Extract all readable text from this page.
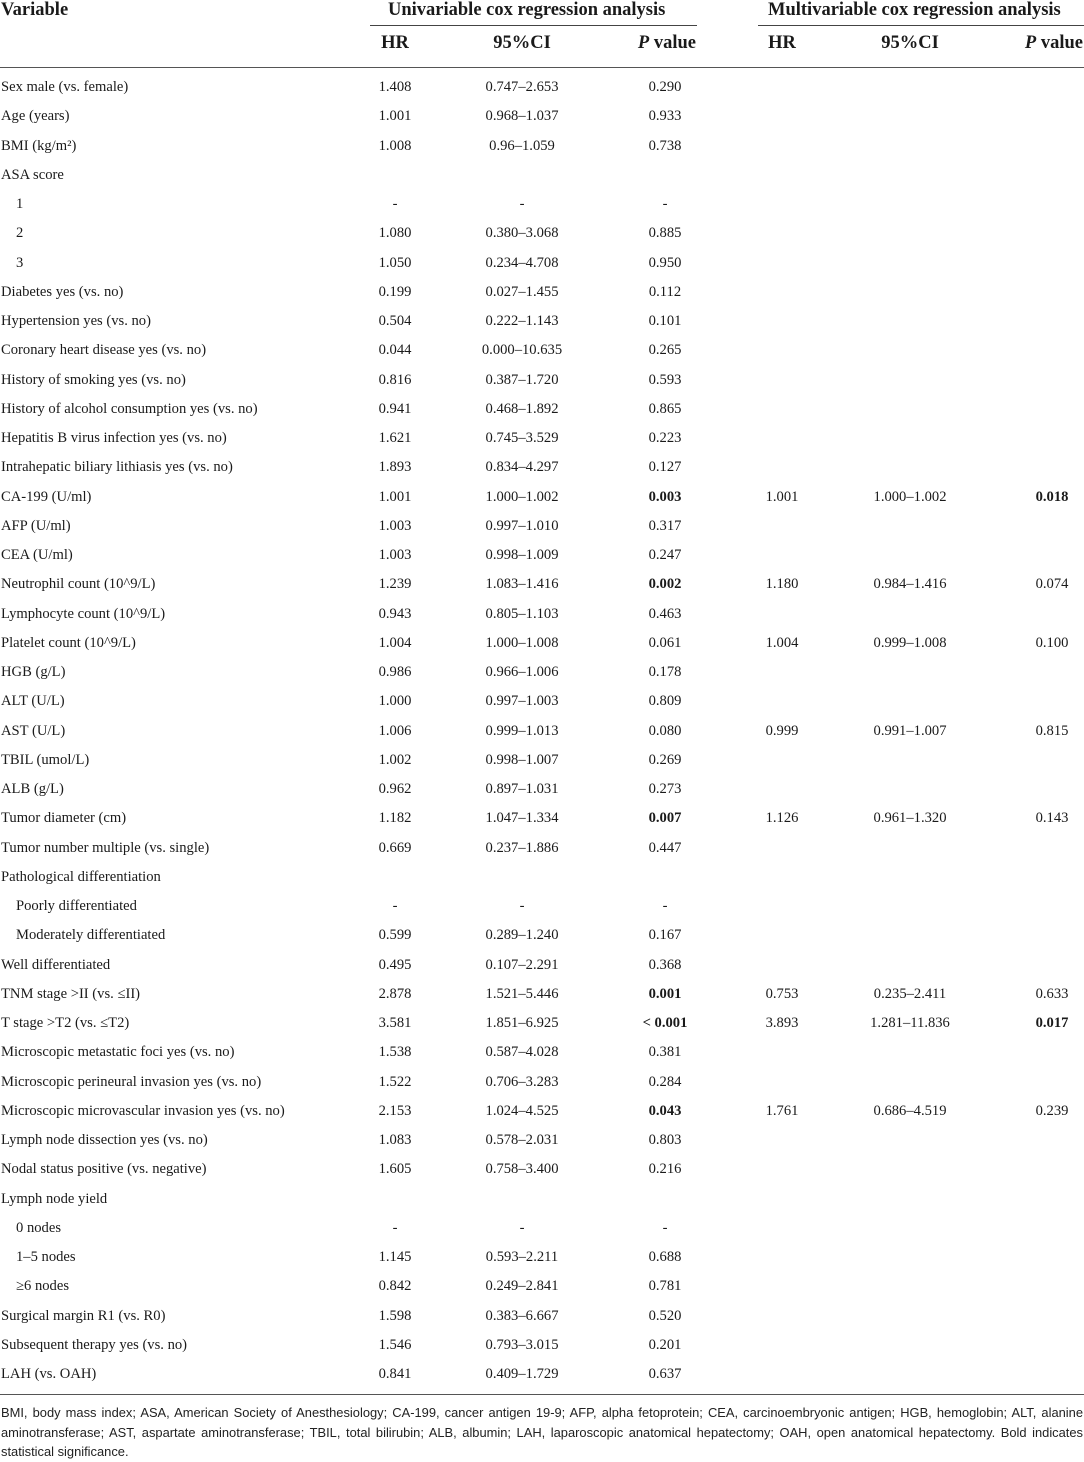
Variable	Univariable cox regression analysis	Multivariable cox regression analysis
HR	95%CI	P value	HR	95%CI	P value
Sex male (vs. female)	1.408	0.747–2.653	0.290
Age (years)	1.001	0.968–1.037	0.933
BMI (kg/m²)	1.008	0.96–1.059	0.738
ASA score
1	-	-	-
2	1.080	0.380–3.068	0.885
3	1.050	0.234–4.708	0.950
Diabetes yes (vs. no)	0.199	0.027–1.455	0.112
Hypertension yes (vs. no)	0.504	0.222–1.143	0.101
Coronary heart disease yes (vs. no)	0.044	0.000–10.635	0.265
History of smoking yes (vs. no)	0.816	0.387–1.720	0.593
History of alcohol consumption yes (vs. no)	0.941	0.468–1.892	0.865
Hepatitis B virus infection yes (vs. no)	1.621	0.745–3.529	0.223
Intrahepatic biliary lithiasis yes (vs. no)	1.893	0.834–4.297	0.127
CA-199 (U/ml)	1.001	1.000–1.002	0.003	1.001	1.000–1.002	0.018
AFP (U/ml)	1.003	0.997–1.010	0.317
CEA (U/ml)	1.003	0.998–1.009	0.247
Neutrophil count (10^9/L)	1.239	1.083–1.416	0.002	1.180	0.984–1.416	0.074
Lymphocyte count (10^9/L)	0.943	0.805–1.103	0.463
Platelet count (10^9/L)	1.004	1.000–1.008	0.061	1.004	0.999–1.008	0.100
HGB (g/L)	0.986	0.966–1.006	0.178
ALT (U/L)	1.000	0.997–1.003	0.809
AST (U/L)	1.006	0.999–1.013	0.080	0.999	0.991–1.007	0.815
TBIL (umol/L)	1.002	0.998–1.007	0.269
ALB (g/L)	0.962	0.897–1.031	0.273
Tumor diameter (cm)	1.182	1.047–1.334	0.007	1.126	0.961–1.320	0.143
Tumor number multiple (vs. single)	0.669	0.237–1.886	0.447
Pathological differentiation
Poorly differentiated	-	-	-
Moderately differentiated	0.599	0.289–1.240	0.167
Well differentiated	0.495	0.107–2.291	0.368
TNM stage >II (vs. ≤II)	2.878	1.521–5.446	0.001	0.753	0.235–2.411	0.633
T stage >T2 (vs. ≤T2)	3.581	1.851–6.925	< 0.001	3.893	1.281–11.836	0.017
Microscopic metastatic foci yes (vs. no)	1.538	0.587–4.028	0.381
Microscopic perineural invasion yes (vs. no)	1.522	0.706–3.283	0.284
Microscopic microvascular invasion yes (vs. no)	2.153	1.024–4.525	0.043	1.761	0.686–4.519	0.239
Lymph node dissection yes (vs. no)	1.083	0.578–2.031	0.803
Nodal status positive (vs. negative)	1.605	0.758–3.400	0.216
Lymph node yield
0 nodes	-	-	-
1–5 nodes	1.145	0.593–2.211	0.688
≥6 nodes	0.842	0.249–2.841	0.781
Surgical margin R1 (vs. R0)	1.598	0.383–6.667	0.520
Subsequent therapy yes (vs. no)	1.546	0.793–3.015	0.201
LAH (vs. OAH)	0.841	0.409–1.729	0.637
BMI, body mass index; ASA, American Society of Anesthesiology; CA-199, cancer antigen 19-9; AFP, alpha fetoprotein; CEA, carcinoembryonic antigen; HGB, hemoglobin; ALT, alanine aminotransferase; AST, aspartate aminotransferase; TBIL, total bilirubin; ALB, albumin; LAH, laparoscopic anatomical hepatectomy; OAH, open anatomical hepatectomy. Bold indicates statistical significance.
